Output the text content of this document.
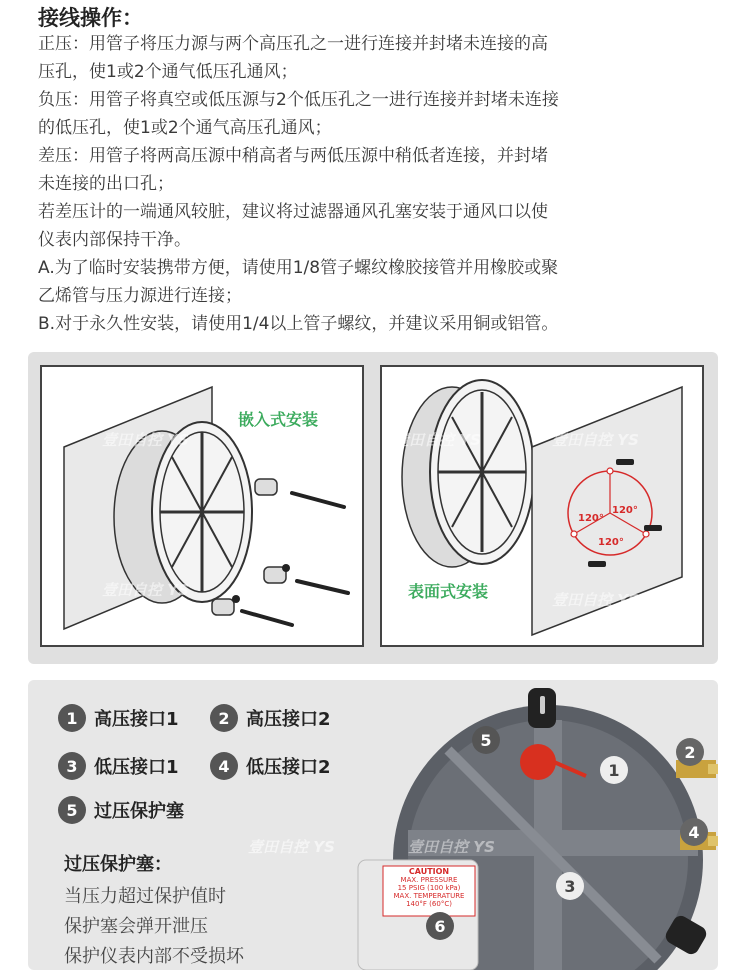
接线操作：
正压：用管子将压力源与两个高压孔之一进行连接并封堵未连接的高
压孔，使1或2个通气低压孔通风；
负压：用管子将真空或低压源与2个低压孔之一进行连接并封堵未连接
的低压孔，使1或2个通气高压孔通风；
差压：用管子将两高压源中稍高者与两低压源中稍低者连接，并封堵
未连接的出口孔；
若差压计的一端通风较脏，建议将过滤器通风孔塞安装于通风口以使
仪表内部保持干净。
A.为了临时安装携带方便，请使用1/8管子螺纹橡胶接管并用橡胶或聚
乙烯管与压力源进行连接；
B.对于永久性安装，请使用1/4以上管子螺纹，并建议采用铜或铝管。
嵌入式安装
壹田自控 YS
壹田自控 YS
120°
120°
120°
表面式安装
壹田自控 YS	壹田自控 YS
壹田自控 YS
1 高压接口1	2 高压接口2
3 低压接口1	4 低压接口2
5 过压保护塞
过压保护塞：
当压力超过保护值时
保护塞会弹开泄压
保护仪表内部不受损坏
CAUTION
MAX. PRESSURE
15 PSIG (100 kPa)
MAX. TEMPERATURE
140°F (60°C)
1
2
3
4
5
6
壹田自控 YS	壹田自控 YS
